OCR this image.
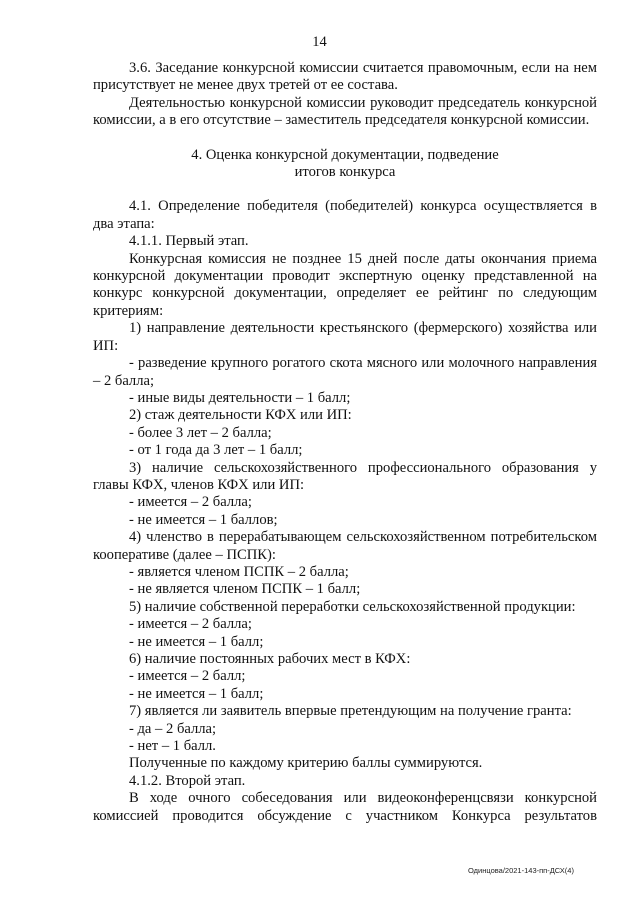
14

3.6. Заседание конкурсной комиссии считается правомочным, если на нем присутствует не менее двух третей от ее состава.

Деятельностью конкурсной комиссии руководит председатель конкурсной комиссии, а в его отсутствие – заместитель председателя конкурсной комиссии.

4. Оценка конкурсной документации, подведение
итогов конкурса

4.1. Определение победителя (победителей) конкурса осуществляется в два этапа:

4.1.1. Первый этап.

Конкурсная комиссия не позднее 15 дней после даты окончания приема конкурсной документации проводит экспертную оценку представленной на конкурс конкурсной документации, определяет ее рейтинг по следующим критериям:

1) направление деятельности крестьянского (фермерского) хозяйства или ИП:

- разведение крупного рогатого скота мясного или молочного направления – 2 балла;

- иные виды деятельности – 1 балл;

2) стаж деятельности КФХ или ИП:

- более 3 лет – 2 балла;

- от 1 года да 3 лет – 1 балл;

3) наличие сельскохозяйственного профессионального образования у главы КФХ, членов КФХ или ИП:

- имеется – 2 балла;

- не имеется – 1 баллов;

4) членство в перерабатывающем сельскохозяйственном потребительском кооперативе (далее – ПСПК):

- является членом ПСПК – 2 балла;

- не является членом ПСПК – 1 балл;

5) наличие собственной переработки сельскохозяйственной продукции:

- имеется – 2 балла;

- не имеется – 1 балл;

6) наличие постоянных рабочих мест в КФХ:

- имеется – 2 балл;

- не имеется – 1 балл;

7) является ли заявитель впервые претендующим на получение гранта:

- да – 2 балла;

- нет – 1 балл.

Полученные по каждому критерию баллы суммируются.

4.1.2. Второй этап.

В ходе очного собеседования или видеоконференцсвязи конкурсной комиссией проводится обсуждение с участником Конкурса результатов

Одинцова/2021-143-пп-ДСХ(4)
